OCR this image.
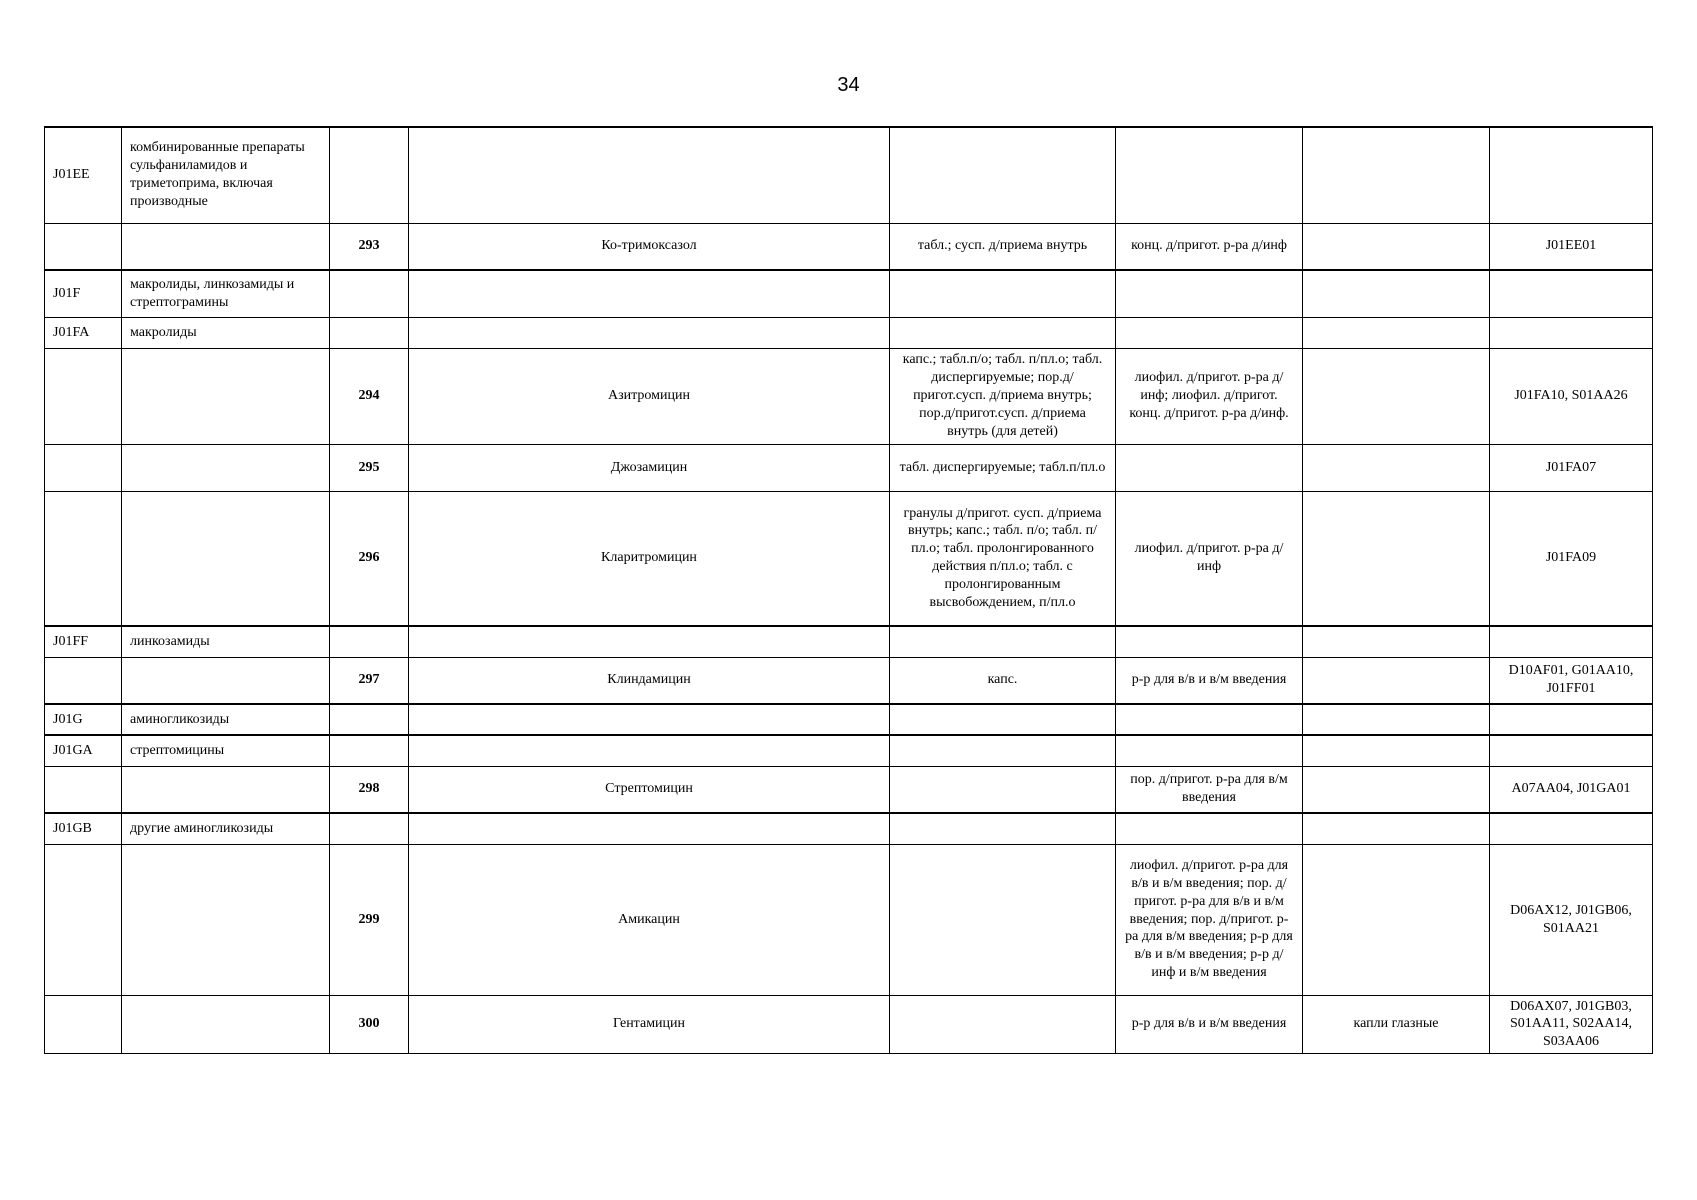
34
J01EE	комбинированные препараты сульфаниламидов и триметоприма, включая производные						
		293	Ко-тримоксазол	табл.; сусп. д/приема внутрь	конц. д/пригот. р-ра д/инф		J01EE01
J01F	макролиды, линкозамиды и стрептограмины						
J01FA	макролиды						
		294	Азитромицин	капс.; табл.п/о; табл. п/пл.о; табл. диспергируемые; пор.д/пригот.сусп. д/приема внутрь; пор.д/пригот.сусп. д/приема внутрь (для детей)	лиофил. д/пригот. р-ра д/инф; лиофил. д/пригот. конц. д/пригот. р-ра д/инф.		J01FA10, S01AA26
		295	Джозамицин	табл. диспергируемые; табл.п/пл.о			J01FA07
		296	Кларитромицин	гранулы д/пригот. сусп. д/приема внутрь; капс.; табл. п/о; табл. п/пл.о; табл. пролонгированного действия п/пл.о; табл. с пролонгированным высвобождением, п/пл.о	лиофил. д/пригот. р-ра д/инф		J01FA09
J01FF	линкозамиды						
		297	Клиндамицин	капс.	р-р для в/в и в/м введения		D10AF01, G01AA10, J01FF01
J01G	аминогликозиды						
J01GA	стрептомицины						
		298	Стрептомицин		пор. д/пригот. р-ра для в/м введения		A07AA04, J01GA01
J01GB	другие аминогликозиды						
		299	Амикацин		лиофил. д/пригот. р-ра для в/в и в/м введения; пор. д/пригот. р-ра для в/в и в/м введения; пор. д/пригот. р-ра для в/м введения; р-р для в/в и в/м введения; р-р д/инф и в/м введения		D06AX12, J01GB06, S01AA21
		300	Гентамицин		р-р для в/в и в/м введения	капли глазные	D06AX07, J01GB03, S01AA11, S02AA14, S03AA06
